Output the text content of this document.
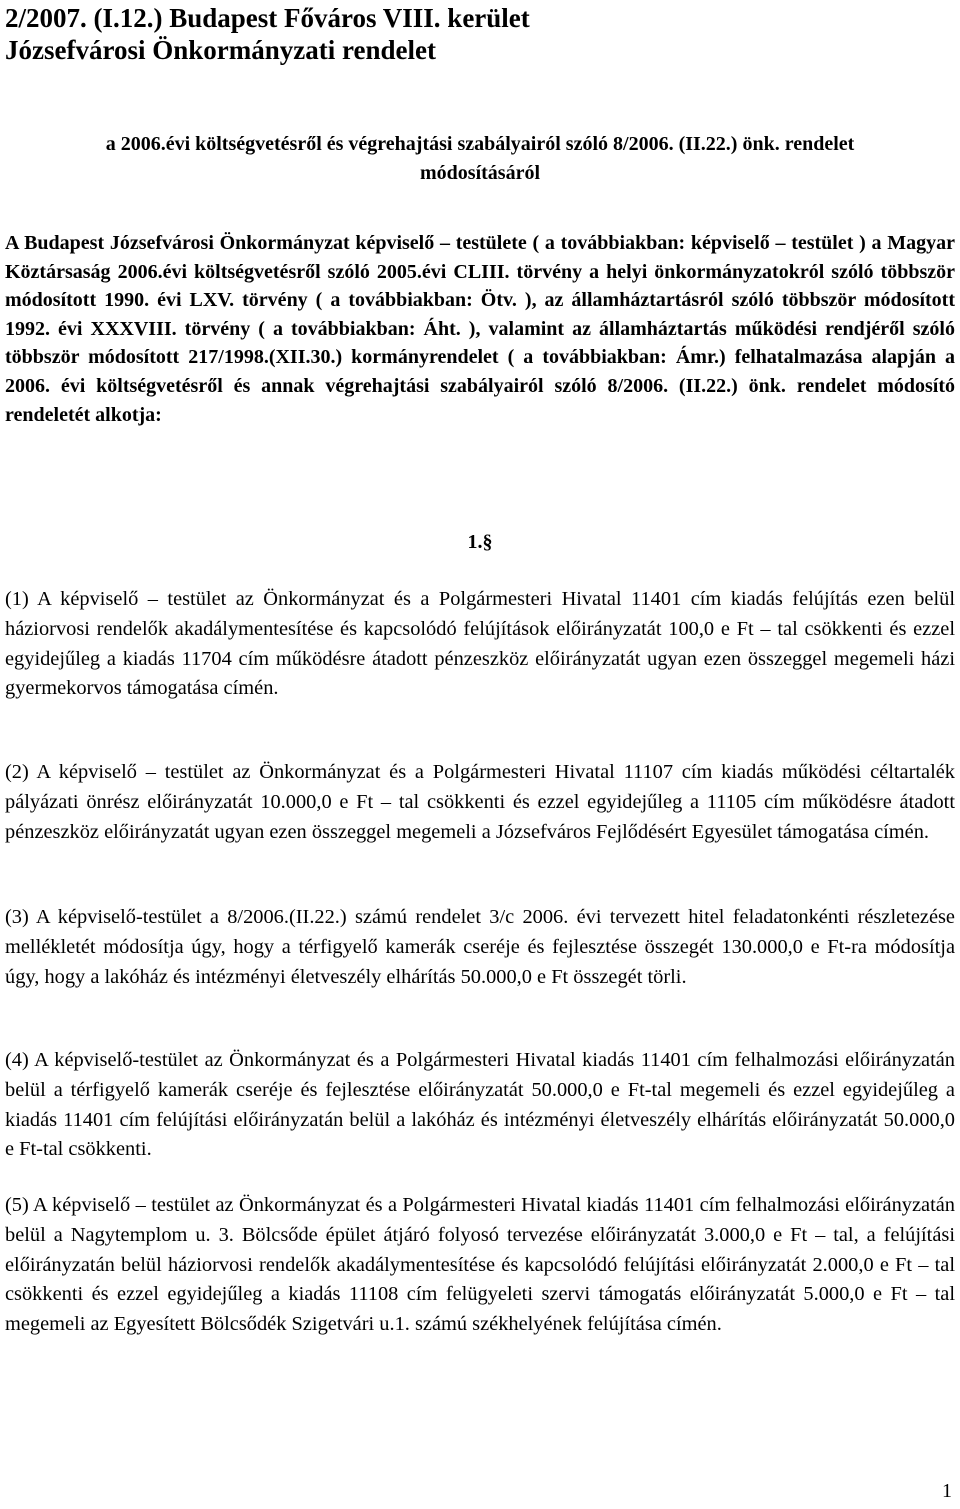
2/2007. (I.12.) Budapest Főváros VIII. kerület
Józsefvárosi Önkormányzati rendelet
a 2006.évi költségvetésről és végrehajtási szabályairól szóló 8/2006. (II.22.) önk. rendelet
módosításáról

A Budapest Józsefvárosi Önkormányzat képviselő – testülete ( a továbbiakban: képviselő – testület ) a Magyar Köztársaság 2006.évi költségvetésről szóló 2005.évi CLIII. törvény a helyi önkormányzatokról szóló többször módosított 1990. évi LXV. törvény ( a továbbiakban: Ötv. ), az államháztartásról szóló többször módosított 1992. évi XXXVIII. törvény ( a továbbiakban: Áht. ), valamint az államháztartás működési rendjéről szóló többször módosított 217/1998.(XII.30.) kormányrendelet ( a továbbiakban: Ámr.) felhatalmazása alapján a 2006. évi költségvetésről és annak végrehajtási szabályairól szóló 8/2006. (II.22.) önk. rendelet módosító rendeletét alkotja:

1.§

(1) A képviselő – testület az Önkormányzat és a Polgármesteri Hivatal 11401 cím kiadás felújítás ezen belül háziorvosi rendelők akadálymentesítése és kapcsolódó felújítások előirányzatát 100,0 e Ft – tal csökkenti és ezzel egyidejűleg a kiadás 11704 cím működésre átadott pénzeszköz előirányzatát ugyan ezen összeggel megemeli házi gyermekorvos támogatása címén.

(2) A képviselő – testület az Önkormányzat és a Polgármesteri Hivatal 11107 cím kiadás működési céltartalék pályázati önrész előirányzatát 10.000,0 e Ft – tal csökkenti és ezzel egyidejűleg a 11105 cím működésre átadott pénzeszköz előirányzatát ugyan ezen összeggel megemeli a Józsefváros Fejlődésért Egyesület támogatása címén.

(3) A képviselő-testület a 8/2006.(II.22.) számú rendelet 3/c 2006. évi tervezett hitel feladatonkénti részletezése mellékletét módosítja úgy, hogy a térfigyelő kamerák cseréje és fejlesztése összegét 130.000,0 e Ft-ra módosítja úgy, hogy a lakóház és intézményi életveszély elhárítás 50.000,0 e Ft összegét törli.

(4) A képviselő-testület az Önkormányzat és a Polgármesteri Hivatal kiadás 11401 cím felhalmozási előirányzatán belül a térfigyelő kamerák cseréje és fejlesztése előirányzatát 50.000,0 e Ft-tal megemeli és ezzel egyidejűleg a kiadás 11401 cím felújítási előirányzatán belül a lakóház és intézményi életveszély elhárítás előirányzatát 50.000,0 e Ft-tal csökkenti.

(5) A képviselő – testület az Önkormányzat és a Polgármesteri Hivatal kiadás 11401 cím felhalmozási előirányzatán belül a Nagytemplom u. 3. Bölcsőde épület átjáró folyosó tervezése előirányzatát 3.000,0 e Ft – tal, a felújítási előirányzatán belül háziorvosi rendelők akadálymentesítése és kapcsolódó felújítási előirányzatát 2.000,0 e Ft – tal csökkenti és ezzel egyidejűleg a kiadás 11108 cím felügyeleti szervi támogatás előirányzatát 5.000,0 e Ft – tal megemeli az Egyesített Bölcsődék Szigetvári u.1. számú székhelyének felújítása címén.

1
